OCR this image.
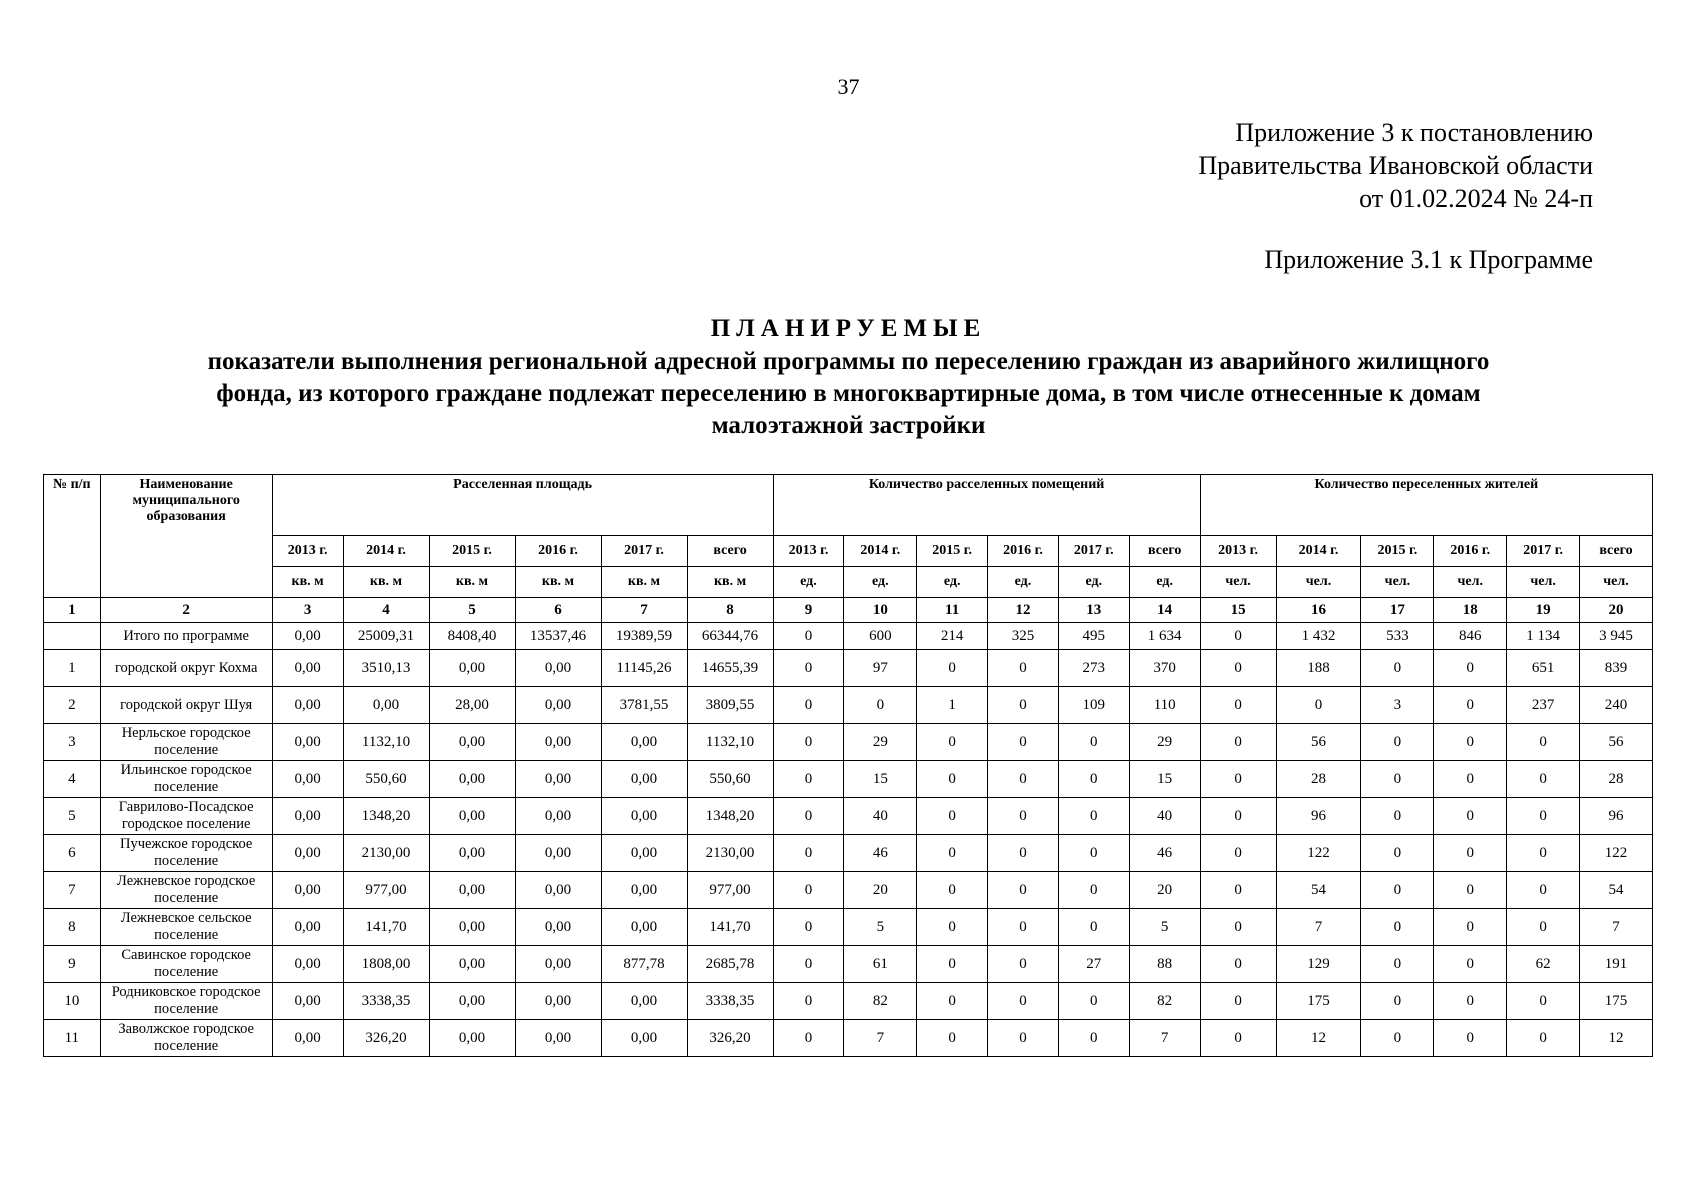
37
Приложение 3 к постановлению
Правительства Ивановской области
от 01.02.2024 № 24-п
Приложение 3.1 к Программе
ПЛАНИРУЕМЫЕ
показатели выполнения региональной адресной программы по переселению граждан из аварийного жилищного
фонда, из которого граждане подлежат переселению в многоквартирные дома, в том числе отнесенные к домам
малоэтажной застройки
№ п/п	Наименование муниципального образования	Расселенная площадь						Количество расселенных помещений						Количество переселенных жителей					
		2013 г.	2014 г.	2015 г.	2016 г.	2017 г.	всего	2013 г.	2014 г.	2015 г.	2016 г.	2017 г.	всего	2013 г.	2014 г.	2015 г.	2016 г.	2017 г.	всего
		кв. м	кв. м	кв. м	кв. м	кв. м	кв. м	ед.	ед.	ед.	ед.	ед.	ед.	чел.	чел.	чел.	чел.	чел.	чел.
1	2	3	4	5	6	7	8	9	10	11	12	13	14	15	16	17	18	19	20
	Итого по программе	0,00	25009,31	8408,40	13537,46	19389,59	66344,76	0	600	214	325	495	1 634	0	1 432	533	846	1 134	3 945
1	городской округ Кохма	0,00	3510,13	0,00	0,00	11145,26	14655,39	0	97	0	0	273	370	0	188	0	0	651	839
2	городской округ Шуя	0,00	0,00	28,00	0,00	3781,55	3809,55	0	0	1	0	109	110	0	0	3	0	237	240
3	Нерльское городское поселение	0,00	1132,10	0,00	0,00	0,00	1132,10	0	29	0	0	0	29	0	56	0	0	0	56
4	Ильинское городское поселение	0,00	550,60	0,00	0,00	0,00	550,60	0	15	0	0	0	15	0	28	0	0	0	28
5	Гаврилово-Посадское городское поселение	0,00	1348,20	0,00	0,00	0,00	1348,20	0	40	0	0	0	40	0	96	0	0	0	96
6	Пучежское городское поселение	0,00	2130,00	0,00	0,00	0,00	2130,00	0	46	0	0	0	46	0	122	0	0	0	122
7	Лежневское городское поселение	0,00	977,00	0,00	0,00	0,00	977,00	0	20	0	0	0	20	0	54	0	0	0	54
8	Лежневское сельское поселение	0,00	141,70	0,00	0,00	0,00	141,70	0	5	0	0	0	5	0	7	0	0	0	7
9	Савинское городское поселение	0,00	1808,00	0,00	0,00	877,78	2685,78	0	61	0	0	27	88	0	129	0	0	62	191
10	Родниковское городское поселение	0,00	3338,35	0,00	0,00	0,00	3338,35	0	82	0	0	0	82	0	175	0	0	0	175
11	Заволжское городское поселение	0,00	326,20	0,00	0,00	0,00	326,20	0	7	0	0	0	7	0	12	0	0	0	12
